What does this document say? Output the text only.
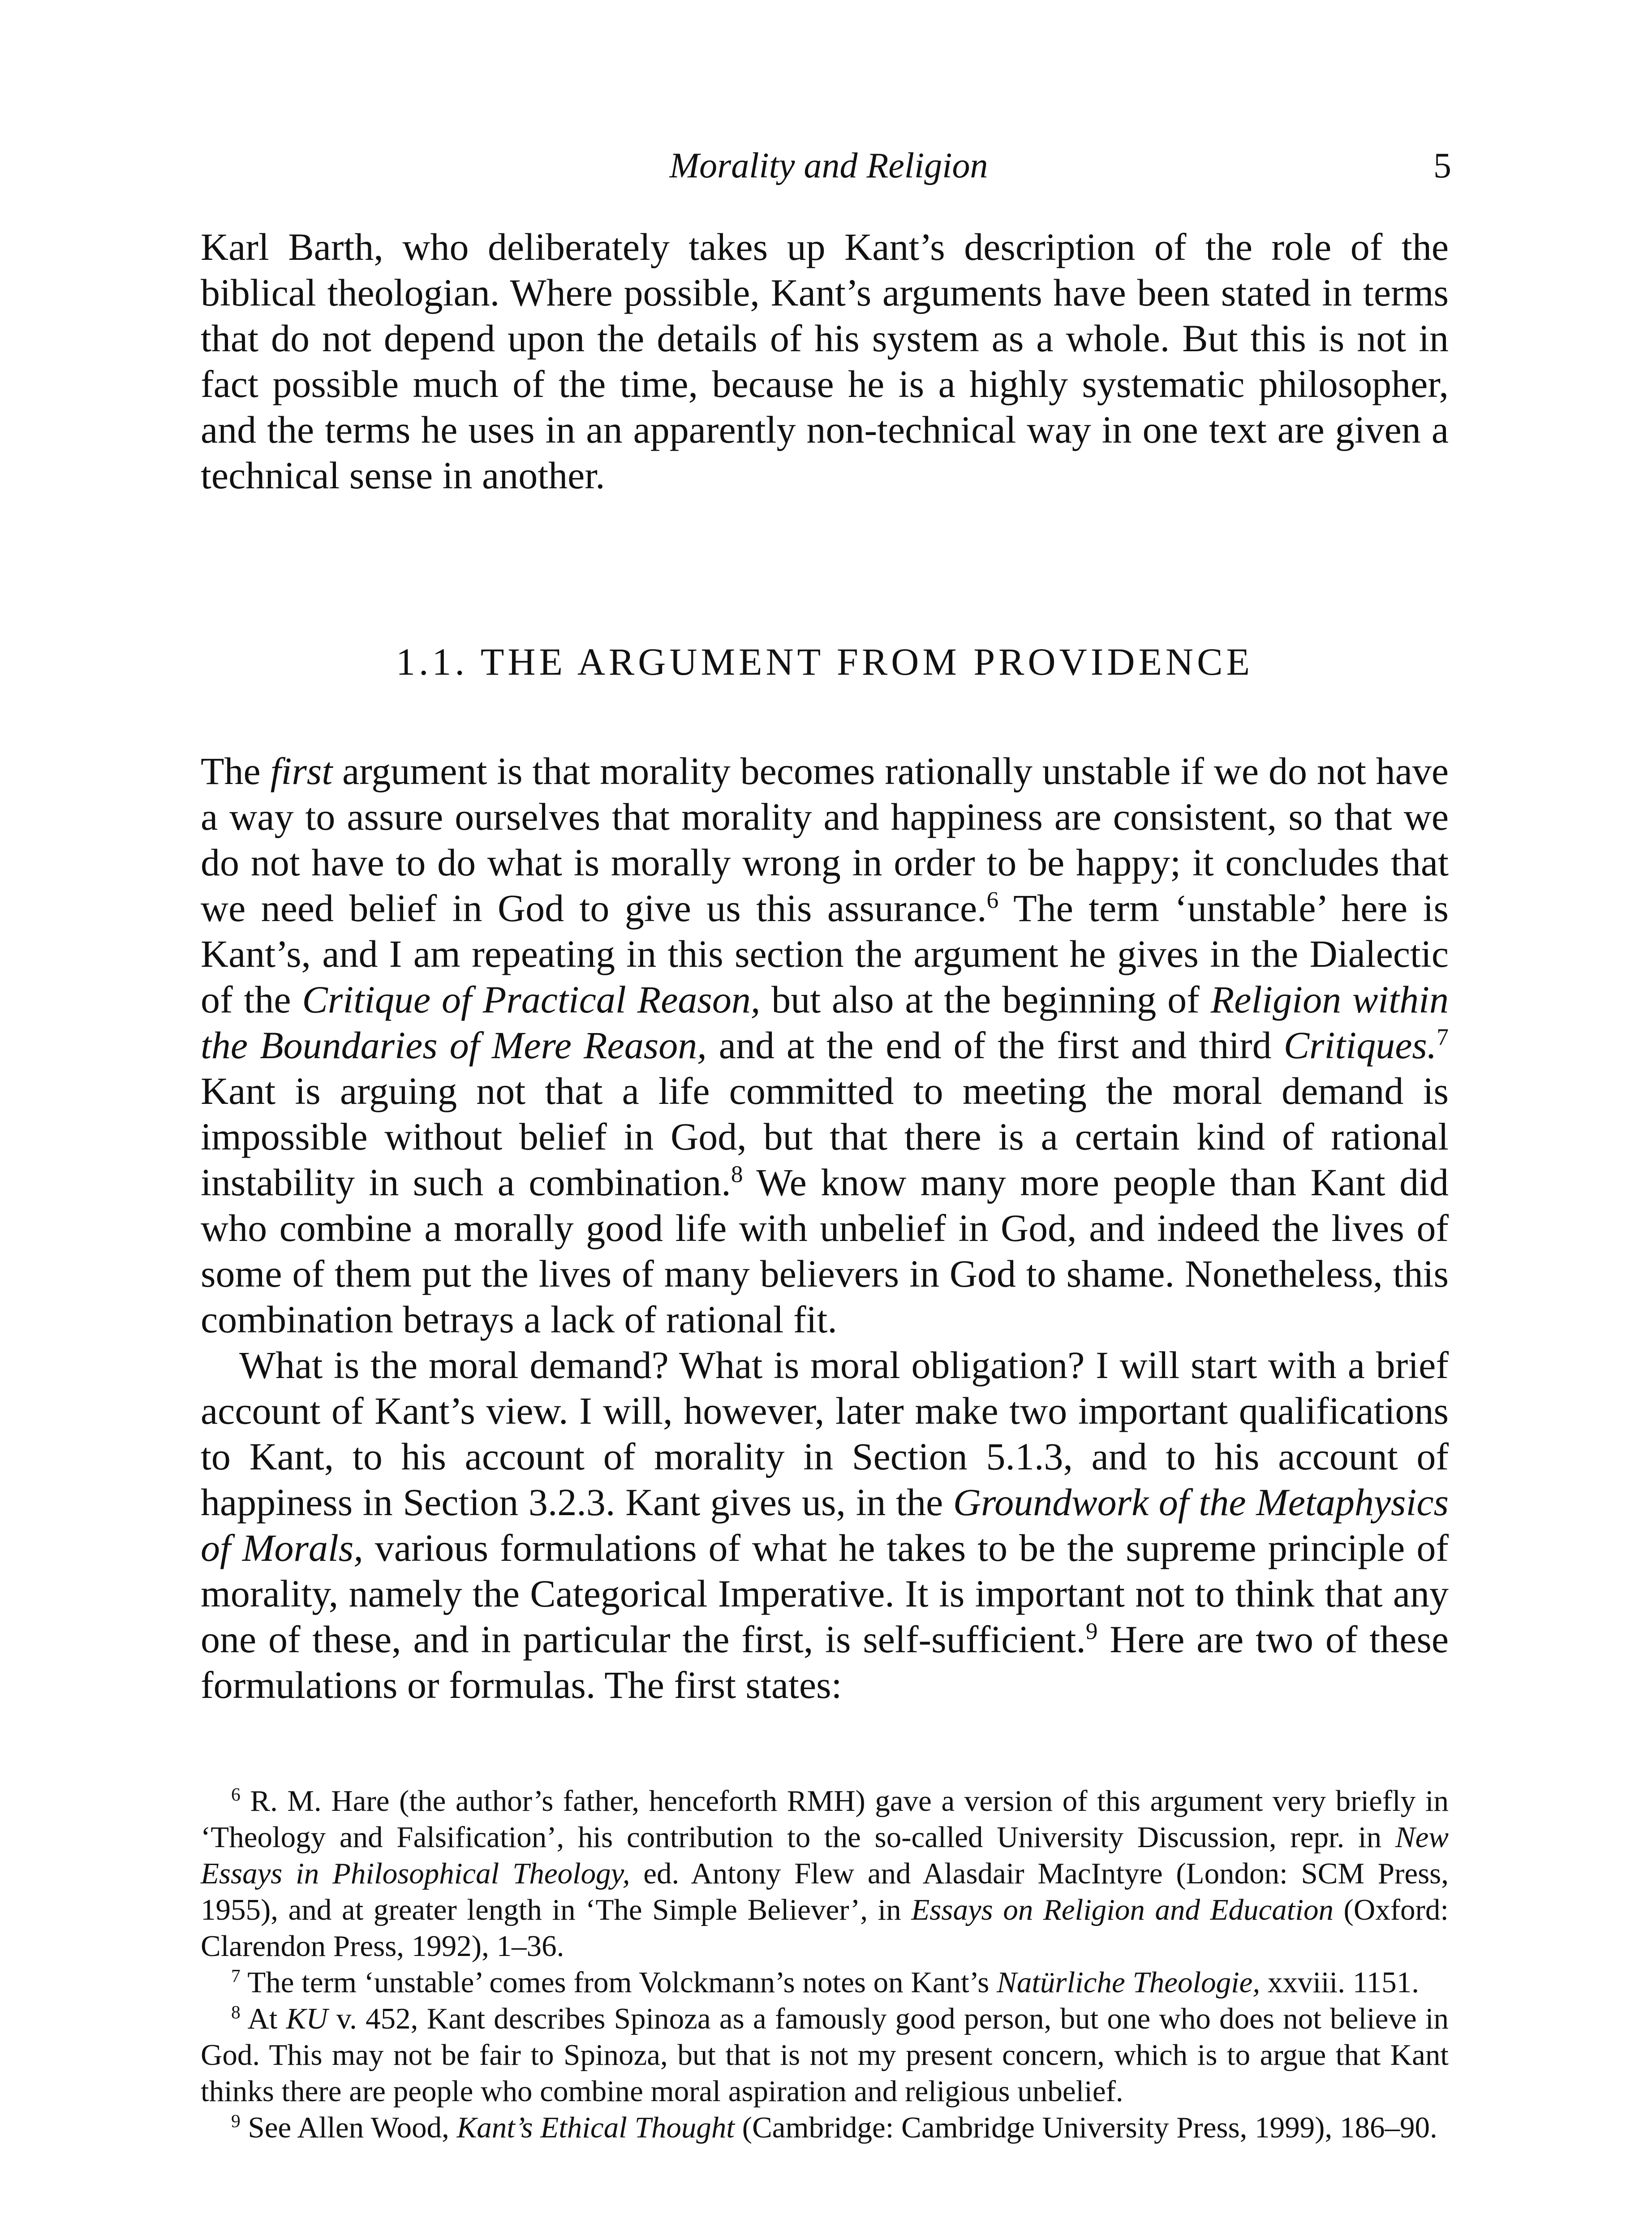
Morality and Religion	5

Karl Barth, who deliberately takes up Kant’s description of the role of the biblical theologian. Where possible, Kant’s arguments have been stated in terms that do not depend upon the details of his system as a whole. But this is not in fact possible much of the time, because he is a highly systematic philosopher, and the terms he uses in an apparently non-technical way in one text are given a technical sense in another.

1.1. THE ARGUMENT FROM PROVIDENCE

The first argument is that morality becomes rationally unstable if we do not have a way to assure ourselves that morality and happiness are consistent, so that we do not have to do what is morally wrong in order to be happy; it concludes that we need belief in God to give us this assurance.$^6$ The term ‘unstable’ here is Kant’s, and I am repeating in this section the argument he gives in the Dialectic of the Critique of Practical Reason, but also at the beginning of Religion within the Boundaries of Mere Reason, and at the end of the first and third Critiques.$^7$ Kant is arguing not that a life committed to meeting the moral demand is impossible without belief in God, but that there is a certain kind of rational instability in such a combination.$^8$ We know many more people than Kant did who combine a morally good life with unbelief in God, and indeed the lives of some of them put the lives of many believers in God to shame. Nonetheless, this combination betrays a lack of rational fit.

What is the moral demand? What is moral obligation? I will start with a brief account of Kant’s view. I will, however, later make two important qualifications to Kant, to his account of morality in Section 5.1.3, and to his account of happiness in Section 3.2.3. Kant gives us, in the Groundwork of the Metaphysics of Morals, various formulations of what he takes to be the supreme principle of morality, namely the Categorical Imperative. It is important not to think that any one of these, and in particular the first, is self-sufficient.$^9$ Here are two of these formulations or formulas. The first states:

$^6$ R. M. Hare (the author’s father, henceforth RMH) gave a version of this argument very briefly in ‘Theology and Falsification’, his contribution to the so-called University Discussion, repr. in New Essays in Philosophical Theology, ed. Antony Flew and Alasdair MacIntyre (London: SCM Press, 1955), and at greater length in ‘The Simple Believer’, in Essays on Religion and Education (Oxford: Clarendon Press, 1992), 1–36.

$^7$ The term ‘unstable’ comes from Volckmann’s notes on Kant’s Natürliche Theologie, xxviii. 1151.

$^8$ At KU v. 452, Kant describes Spinoza as a famously good person, but one who does not believe in God. This may not be fair to Spinoza, but that is not my present concern, which is to argue that Kant thinks there are people who combine moral aspiration and religious unbelief.

$^9$ See Allen Wood, Kant’s Ethical Thought (Cambridge: Cambridge University Press, 1999), 186–90.
